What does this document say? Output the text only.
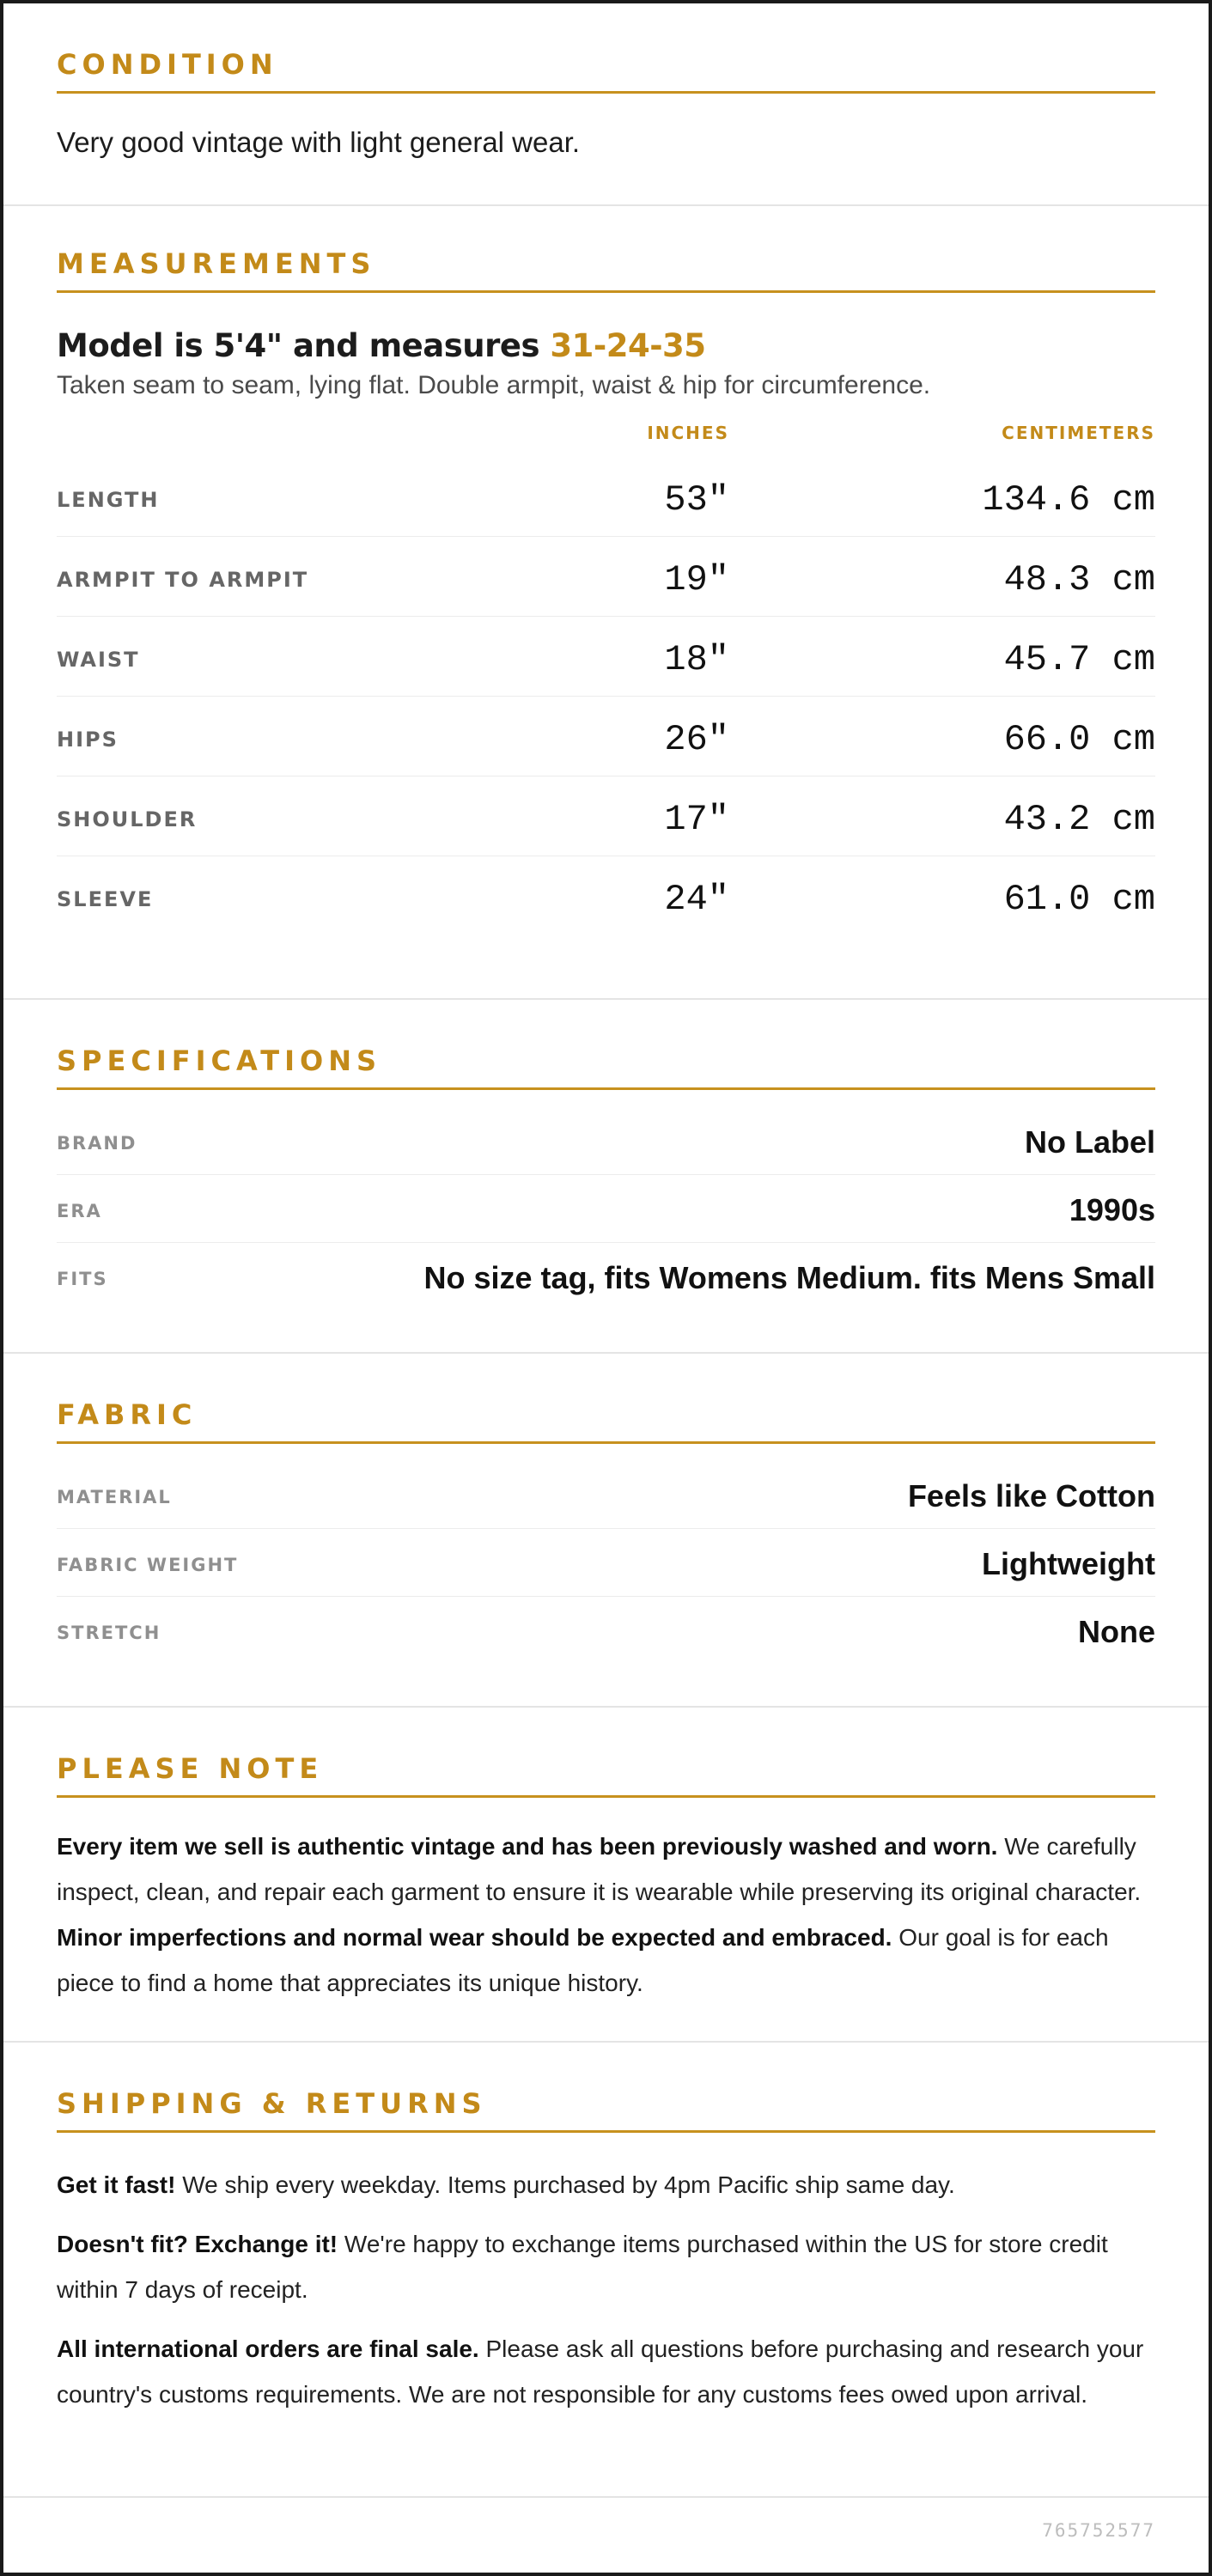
CONDITION

Very good vintage with light general wear.

MEASUREMENTS
Model is 5'4" and measures 31-24-35
Taken seam to seam, lying flat. Double armpit, waist & hip for circumference.
INCHES	CENTIMETERS
LENGTH	53"	134.6 cm
ARMPIT TO ARMPIT	19"	48.3 cm
WAIST	18"	45.7 cm
HIPS	26"	66.0 cm
SHOULDER	17"	43.2 cm
SLEEVE	24"	61.0 cm
SPECIFICATIONS
BRAND	No Label
ERA	1990s
FITS	No size tag, fits Womens Medium. fits Mens Small
FABRIC
MATERIAL	Feels like Cotton
FABRIC WEIGHT	Lightweight
STRETCH	None
PLEASE NOTE

Every item we sell is authentic vintage and has been previously washed and worn. We carefully inspect, clean, and repair each garment to ensure it is wearable while preserving its original character. Minor imperfections and normal wear should be expected and embraced. Our goal is for each piece to find a home that appreciates its unique history.

SHIPPING & RETURNS

Get it fast! We ship every weekday. Items purchased by 4pm Pacific ship same day.

Doesn't fit? Exchange it! We're happy to exchange items purchased within the US for store credit within 7 days of receipt.

All international orders are final sale. Please ask all questions before purchasing and research your country's customs requirements. We are not responsible for any customs fees owed upon arrival.

765752577
